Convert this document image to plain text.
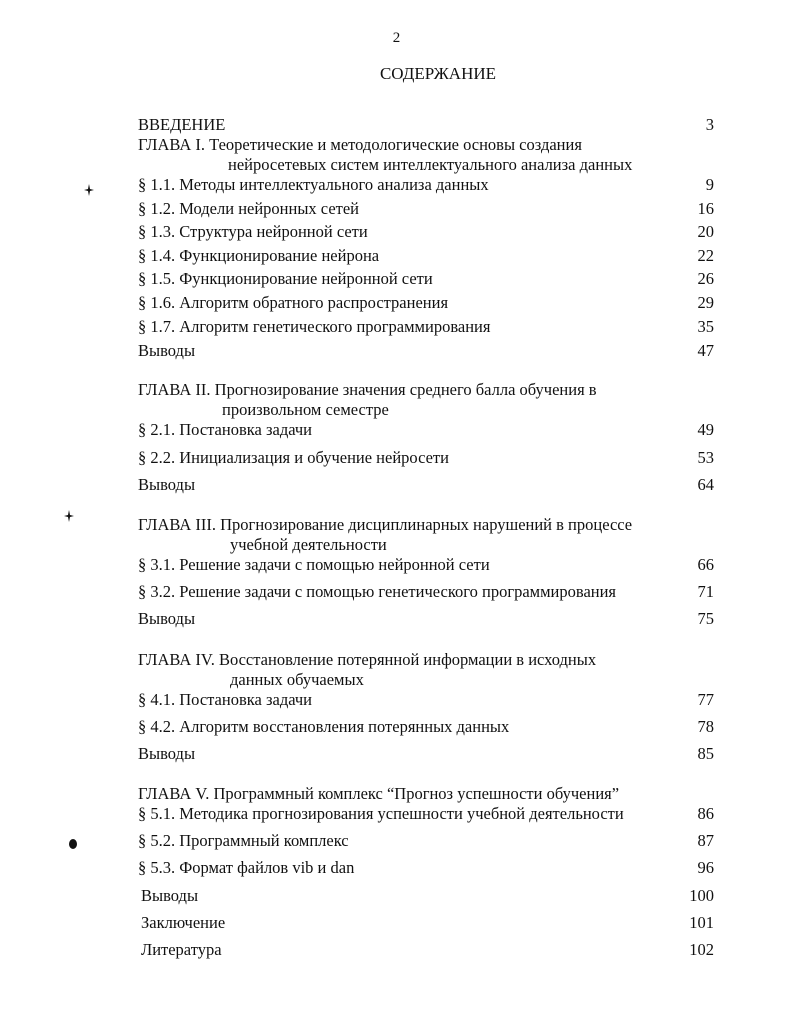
2
СОДЕРЖАНИЕ
ВВЕДЕНИЕ	3
ГЛАВА I. Теоретические и методологические основы создания
нейросетевых систем интеллектуального анализа данных
§ 1.1. Методы интеллектуального анализа данных	9
§ 1.2. Модели нейронных сетей	16
§ 1.3. Структура нейронной сети	20
§ 1.4. Функционирование нейрона	22
§ 1.5. Функционирование нейронной сети	26
§ 1.6. Алгоритм обратного распространения	29
§ 1.7. Алгоритм генетического программирования	35
Выводы	47
ГЛАВА II. Прогнозирование значения среднего балла обучения в
произвольном семестре
§ 2.1. Постановка задачи	49
§ 2.2. Инициализация и обучение нейросети	53
Выводы	64
ГЛАВА III. Прогнозирование дисциплинарных нарушений в процессе
учебной деятельности
§ 3.1. Решение задачи с помощью нейронной сети	66
§ 3.2. Решение задачи с помощью генетического программирования	71
Выводы	75
ГЛАВА IV. Восстановление потерянной информации в исходных
данных обучаемых
§ 4.1. Постановка задачи	77
§ 4.2. Алгоритм восстановления потерянных данных	78
Выводы	85
ГЛАВА V. Программный комплекс “Прогноз успешности обучения”
§ 5.1. Методика прогнозирования успешности учебной деятельности	86
§ 5.2. Программный комплекс	87
§ 5.3. Формат файлов vib и dan	96
Выводы	100
Заключение	101
Литература	102
